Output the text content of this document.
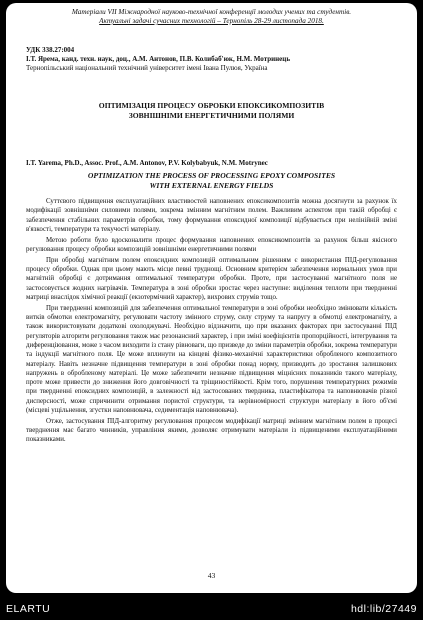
Матеріали VII Міжнародної науково-технічної конференції молодих учених та студентів.
Актуальні задачі сучасних технологій – Тернопіль 28-29 листопада 2018.
УДК 338.27:004
І.Т. Ярема, канд. техн. наук, доц., А.М. Антонов, П.В. Колибаб'юк, Н.М. Мотринець
Тернопільський національний технічний університет імені Івана Пулюя, Україна
ОПТИМІЗАЦІЯ ПРОЦЕСУ ОБРОБКИ ЕПОКСИКОМПОЗИТІВ ЗОВНІШНІМИ ЕНЕРГЕТИЧНИМИ ПОЛЯМИ
I.T. Yarema, Ph.D., Assoc. Prof., A.M. Antonov, P.V. Kolybabyuk, N.M. Motrynec
OPTIMIZATION THE PROCESS OF PROCESSING EPOXY COMPOSITES WITH EXTERNAL ENERGY FIELDS

Суттєвого підвищення експлуатаційних властивостей наповнених епоксикомпозитів можна досягнути за рахунок їх модифікації зовнішніми силовими полями, зокрема змінним магнітним полем. Важливим аспектом при такій обробці є забезпечення стабільних параметрів обробки, тому формування епоксидної композиції відбувається при нелінійній зміні в'язкості, температури та текучості матеріалу.

Метою роботи було вдосконалити процес формування наповнених епоксикомпозитів за рахунок більш якісного регулювання процесу обробки композицій зовнішніми енергетичними полями

При обробці магнітним полем епоксидних композицій оптимальним рішенням є використання ПІД-регулювання процесу обробки. Однак при цьому мають місце певні труднощі. Основним критерієм забезпечення нормальних умов при магнітній обробці є дотримання оптимальної температури обробки. Проте, при застосуванні магнітного поля не застосовується жодних нагрівачів. Температура в зоні обробки зростає через наступне: виділення теплоти при твердненні матриці внаслідок хімічної реакції (екзотермічний характер), вихрових струмів тощо.

При твердненні композицій для забезпечення оптимальної температури в зоні обробки необхідно змінювати кількість витків обмотки електромагніту, регулювати частоту змінного струму, силу струму та напругу в обмотці електромагніту, а також використовувати додаткові охолоджувачі. Необхідно відзначити, що при вказаних факторах при застосуванні ПІД регуляторів алгоритм регулювання також має резонансний характер, і при зміні коефіцієнтів пропорційності, інтегрування та диференціювання, може з часом виходити із стану рівноваги, що призведе до зміни параметрів обробки, зокрема температури та індукції магнітного поля. Це може вплинути на кінцеві фізико-механічні характеристики обробленого композитного матеріалу. Навіть незначне підвищення температури в зоні обробки понад норму, призводить до зростання залишкових напружень в обробленому матеріалі. Це може забезпечити незначне підвищення міцнісних показників такого матеріалу, проте може привести до зниження його довговічності та тріщиностійкості. Крім того, порушення температурних режимів при твердненні епоксидних композицій, в залежності від застосованих твердника, пластифікатора та наповнювачів різної дисперсності, може спричинити отримання пористої структури, та нерівномірності структури матеріалу в його об'ємі (місцеві ущільнення, згустки наповнювача, седиментація наповнювача).

Отже, застосування ПІД-алгоритму регулювання процесом модифікації матриці змінним магнітним полем в процесі тверднення має багато чинників, управління якими, дозволяє отримувати матеріали із підвищеними експлуатаційними показниками.

43
ELARTU	hdl:lib/27449
